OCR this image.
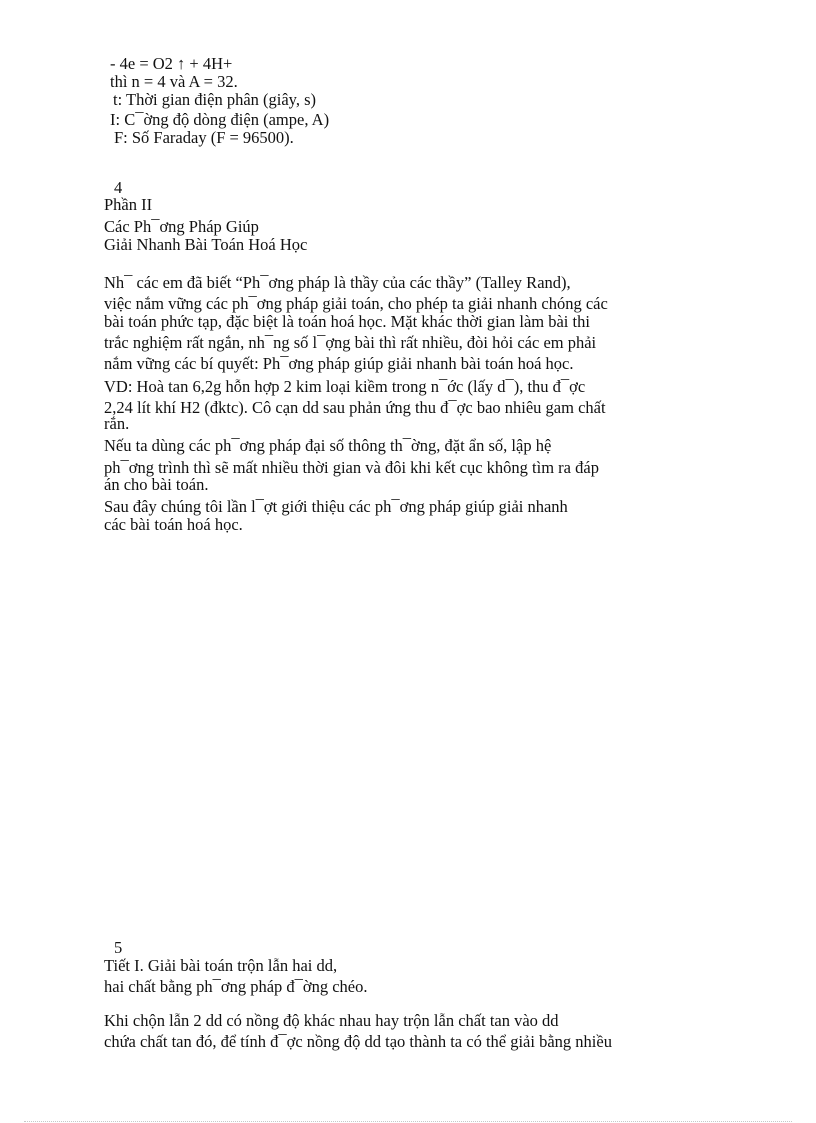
- 4e = O2 ↑ + 4H+
thì n = 4 và A = 32.
t: Thời gian điện phân (giây, s)
I: C¯ờng độ dòng điện (ampe, A)
F: Số Faraday (F = 96500).
4
Phần II
Các Ph¯ơng Pháp Giúp
Giải Nhanh Bài Toán Hoá Học
Nh¯ các em đã biết “Ph¯ơng pháp là thầy của các thầy” (Talley Rand),
việc nắm vững các ph¯ơng pháp giải toán, cho phép ta giải nhanh chóng các
bài toán phức tạp, đặc biệt là toán hoá học. Mặt khác thời gian làm bài thi
trắc nghiệm rất ngắn, nh¯ng số l¯ợng bài thì rất nhiều, đòi hỏi các em phải
nắm vững các bí quyết: Ph¯ơng pháp giúp giải nhanh bài toán hoá học.
VD: Hoà tan 6,2g hỗn hợp 2 kim loại kiềm trong n¯ớc (lấy d¯), thu đ¯ợc
2,24 lít khí H2 (đktc). Cô cạn dd sau phản ứng thu đ¯ợc bao nhiêu gam chất
rắn.
Nếu ta dùng các ph¯ơng pháp đại số thông th¯ờng, đặt ẩn số, lập hệ
ph¯ơng trình thì sẽ mất nhiều thời gian và đôi khi kết cục không tìm ra đáp
án cho bài toán.
Sau đây chúng tôi lần l¯ợt giới thiệu các ph¯ơng pháp giúp giải nhanh
các bài toán hoá học.
5
Tiết I. Giải bài toán trộn lẫn hai dd,
hai chất bằng ph¯ơng pháp đ¯ờng chéo.
Khi chộn lẫn 2 dd có nồng độ khác nhau hay trộn lẫn chất tan vào dd
chứa chất tan đó, để tính đ¯ợc nồng độ dd tạo thành ta có thể giải bằng nhiều
